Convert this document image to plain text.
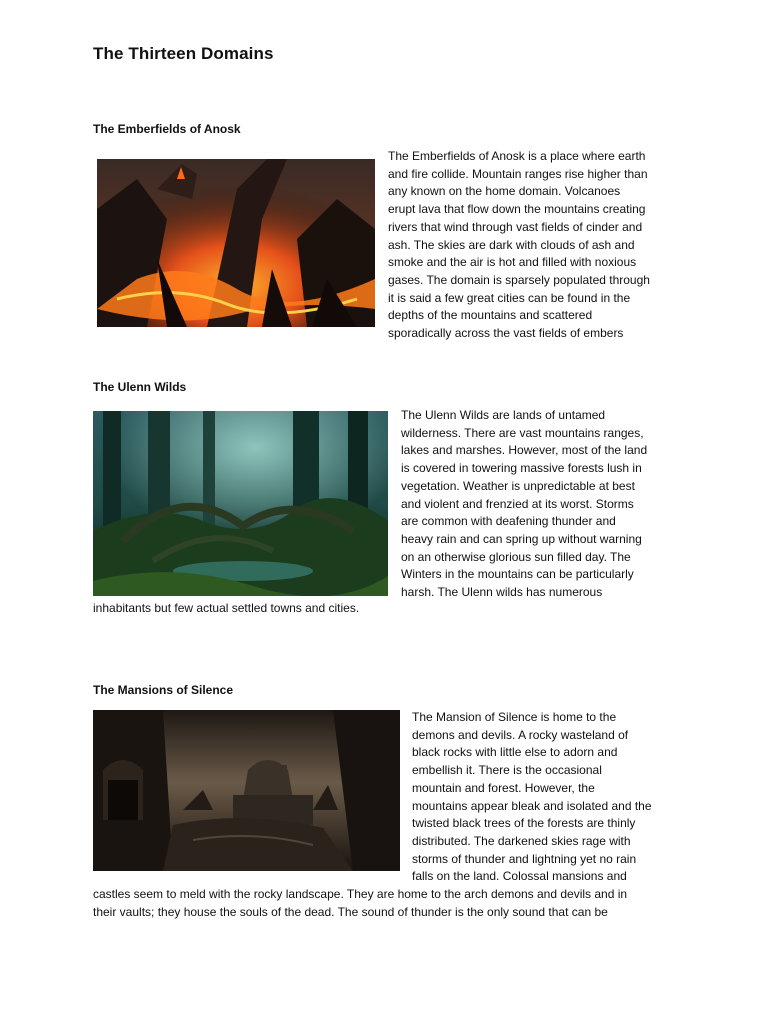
The Thirteen Domains
The Emberfields of Anosk
The Emberfields of Anosk is a place where earth
and fire collide. Mountain ranges rise higher than
any known on the home domain. Volcanoes
erupt lava that flow down the mountains creating
rivers that wind through vast fields of cinder and
ash. The skies are dark with clouds of ash and
smoke and the air is hot and filled with noxious
gases. The domain is sparsely populated through
it is said a few great cities can be found in the
depths of the mountains and scattered
sporadically across the vast fields of embers
The Ulenn Wilds
The Ulenn Wilds are lands of untamed
wilderness. There are vast mountains ranges,
lakes and marshes. However, most of the land
is covered in towering massive forests lush in
vegetation. Weather is unpredictable at best
and violent and frenzied at its worst. Storms
are common with deafening thunder and
heavy rain and can spring up without warning
on an otherwise glorious sun filled day. The
Winters in the mountains can be particularly
harsh. The Ulenn wilds has numerous
inhabitants but few actual settled towns and cities.
The Mansions of Silence
The Mansion of Silence is home to the
demons and devils. A rocky wasteland of
black rocks with little else to adorn and
embellish it. There is the occasional
mountain and forest. However, the
mountains appear bleak and isolated and the
twisted black trees of the forests are thinly
distributed. The darkened skies rage with
storms of thunder and lightning yet no rain
falls on the land. Colossal mansions and
castles seem to meld with the rocky landscape. They are home to the arch demons and devils and in
their vaults; they house the souls of the dead. The sound of thunder is the only sound that can be
